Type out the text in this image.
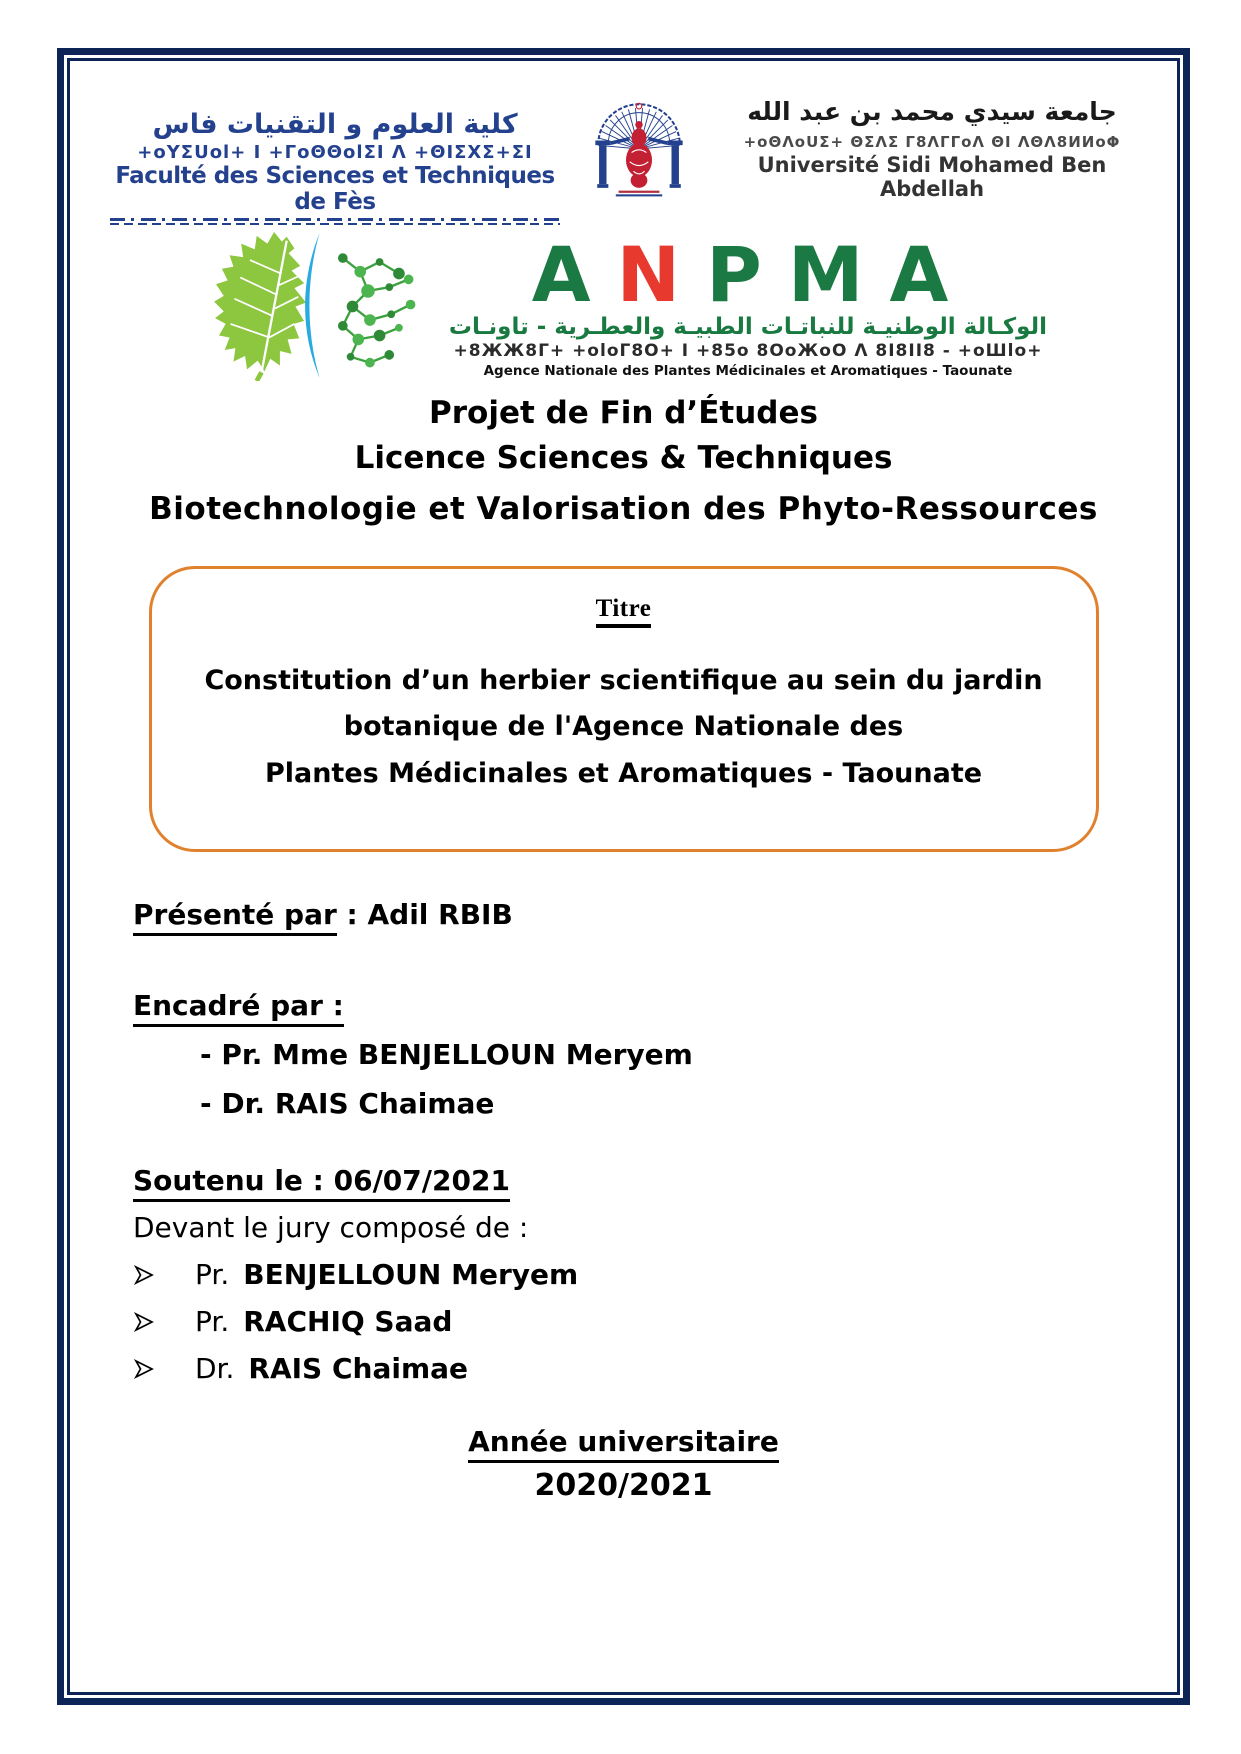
كلية العلوم و التقنيات فاس
+oYΣUol+ I +ΓoΘΘolΣI Λ +ΘIΣXΣ+ΣI
Faculté des Sciences et Techniques de Fès
جامعة سيدي محمد بن عبد الله
+oΘΛoUΣ+ ΘΣΛΣ Γ8ΛΓΓoΛ ΘI ΛΘΛ8ИИoΦ
Université Sidi Mohamed Ben Abdellah
ANPMA
الوكـالة الوطنيـة للنباتـات الطبيـة والعطـرية - تاونـات
+8ЖЖ8Γ+ +oloΓ8O+ I +85o 8OoЖoO Λ 8I8II8 - +oШlo+
Agence Nationale des Plantes Médicinales et Aromatiques - Taounate
Projet de Fin d’Études
Licence Sciences & Techniques
Biotechnologie et Valorisation des Phyto-Ressources
Titre
Constitution d’un herbier scientifique au sein du jardin
botanique de l'Agence Nationale des
Plantes Médicinales et Aromatiques - Taounate
Présenté par : Adil RBIB
Encadré par :
- Pr. Mme BENJELLOUN Meryem
- Dr. RAIS Chaimae
Soutenu le : 06/07/2021
Devant le jury composé de :
Pr. BENJELLOUN Meryem
Pr. RACHIQ Saad
Dr. RAIS Chaimae
Année universitaire
2020/2021
